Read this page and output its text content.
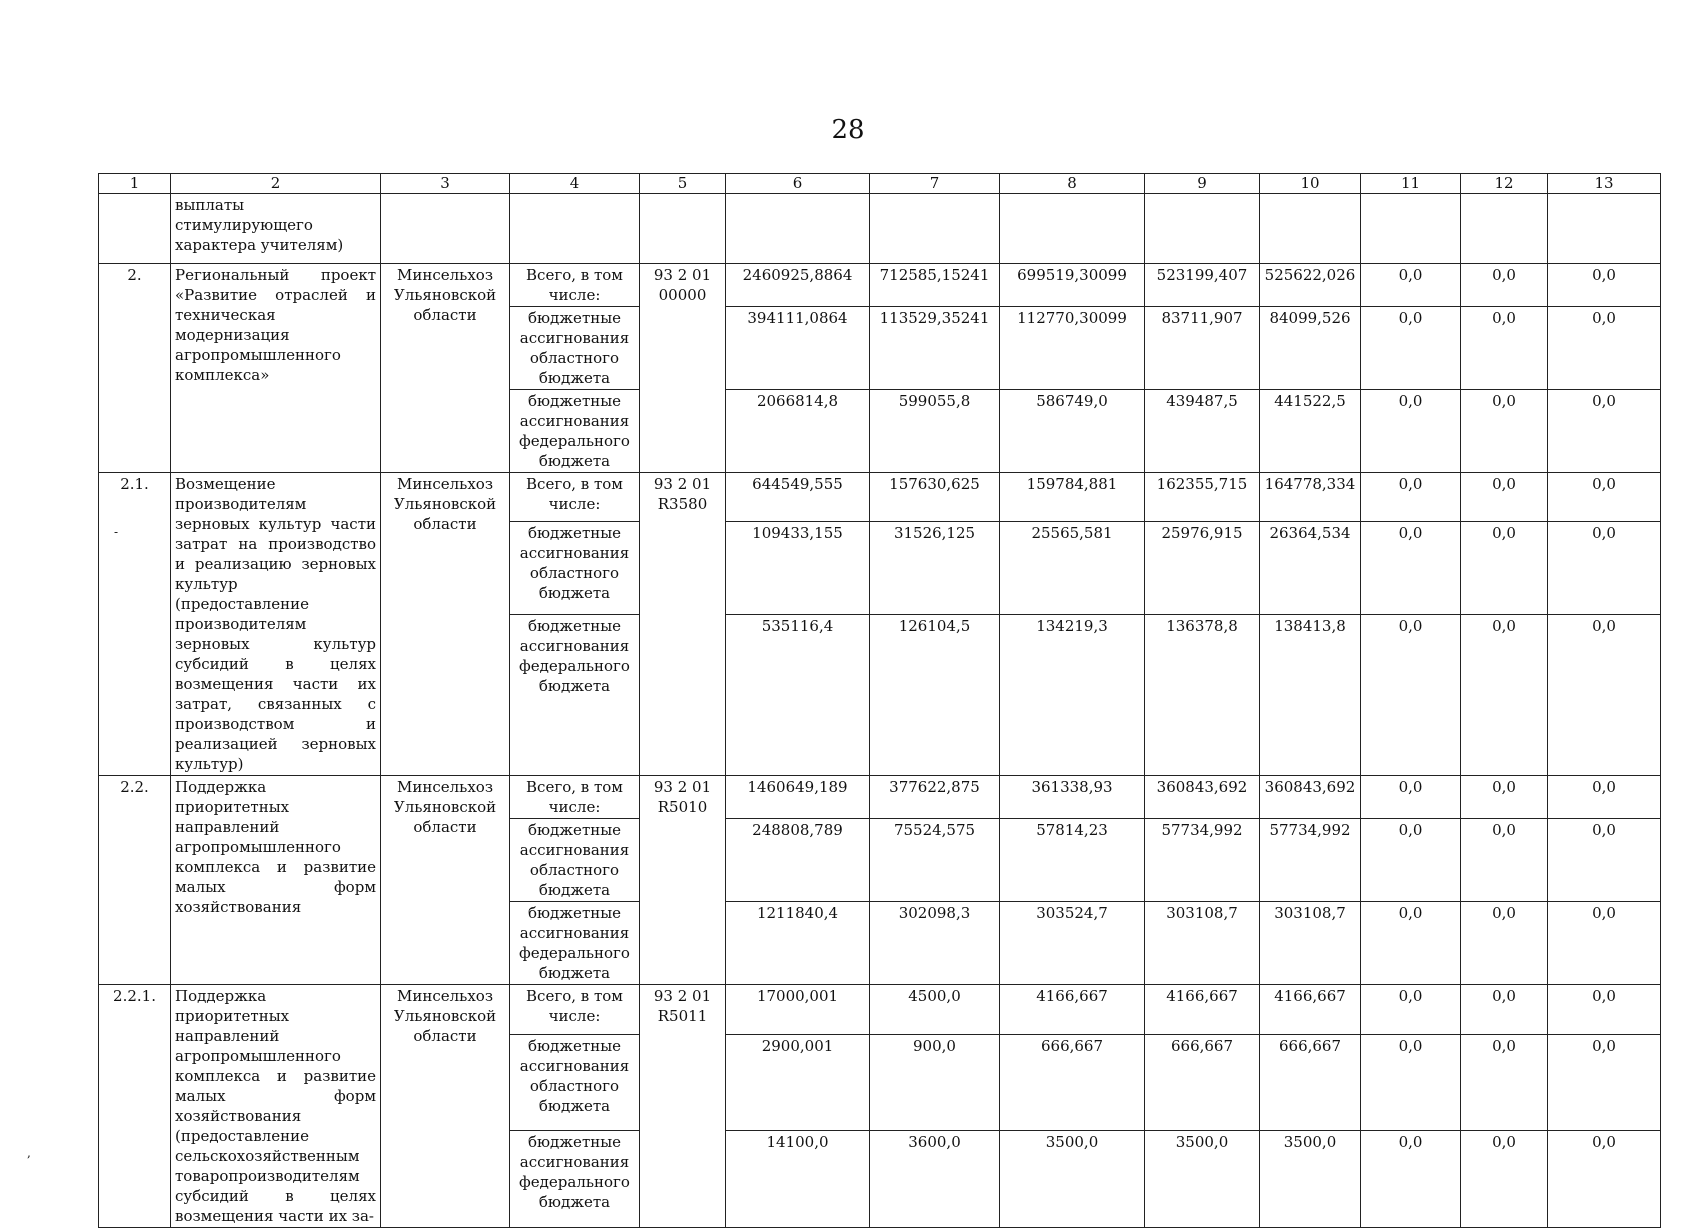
28
1	2	3	4	5	6	7	8	9	10	11	12	13
	выплаты стимулирующего характера учителям)											
2.	Региональный проект «Развитие отраслей и техническая модернизация агропромышленного комплекса»	Минсельхоз Ульяновской области	Всего, в том числе:	93 2 01 00000	2460925,8864	712585,15241	699519,30099	523199,407	525622,026	0,0	0,0	0,0
			бюджетные ассигнования областного бюджета		394111,0864	113529,35241	112770,30099	83711,907	84099,526	0,0	0,0	0,0
			бюджетные ассигнования федерального бюджета		2066814,8	599055,8	586749,0	439487,5	441522,5	0,0	0,0	0,0
2.1.	Возмещение производителям зерновых культур части затрат на производство и реализацию зерновых культур (предоставление производителям зерновых культур субсидий в целях возмещения части их затрат, связанных с производством и реализацией зерновых культур)	Минсельхоз Ульяновской области	Всего, в том числе:	93 2 01 R3580	644549,555	157630,625	159784,881	162355,715	164778,334	0,0	0,0	0,0
			бюджетные ассигнования областного бюджета		109433,155	31526,125	25565,581	25976,915	26364,534	0,0	0,0	0,0
			бюджетные ассигнования федерального бюджета		535116,4	126104,5	134219,3	136378,8	138413,8	0,0	0,0	0,0
2.2.	Поддержка приоритетных направлений агропромышленного комплекса и развитие малых форм хозяйствования	Минсельхоз Ульяновской области	Всего, в том числе:	93 2 01 R5010	1460649,189	377622,875	361338,93	360843,692	360843,692	0,0	0,0	0,0
			бюджетные ассигнования областного бюджета		248808,789	75524,575	57814,23	57734,992	57734,992	0,0	0,0	0,0
			бюджетные ассигнования федерального бюджета		1211840,4	302098,3	303524,7	303108,7	303108,7	0,0	0,0	0,0
2.2.1.	Поддержка приоритетных направлений агропромышленного комплекса и развитие малых форм хозяйствования (предоставление сельскохозяйственным товаропроизводителям субсидий в целях возмещения части их за-	Минсельхоз Ульяновской области	Всего, в том числе:	93 2 01 R5011	17000,001	4500,0	4166,667	4166,667	4166,667	0,0	0,0	0,0
			бюджетные ассигнования областного бюджета		2900,001	900,0	666,667	666,667	666,667	0,0	0,0	0,0
			бюджетные ассигнования федерального бюджета		14100,0	3600,0	3500,0	3500,0	3500,0	0,0	0,0	0,0
-
,
